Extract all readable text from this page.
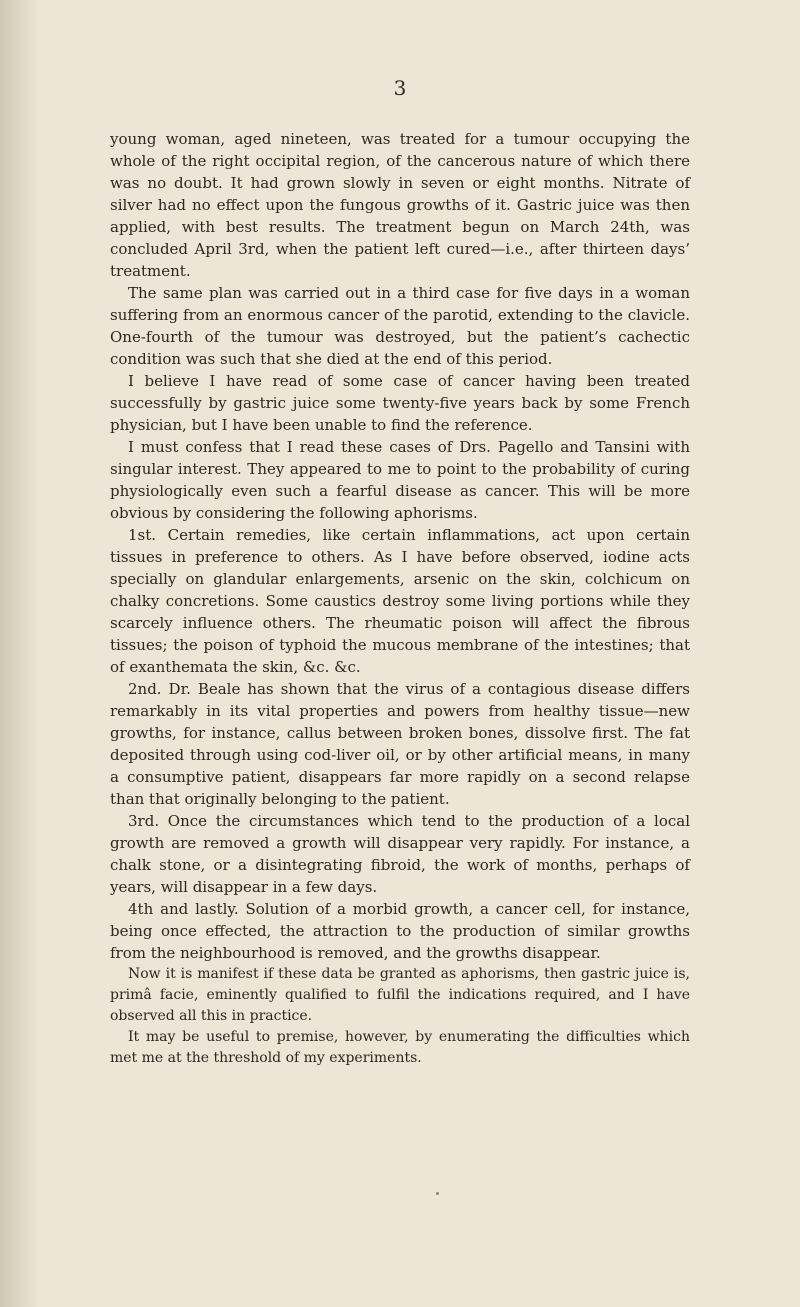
3

young woman, aged nineteen, was treated for a tumour occupying the whole of the right occipital region, of the cancerous nature of which there was no doubt. It had grown slowly in seven or eight months. Nitrate of silver had no effect upon the fungous growths of it. Gastric juice was then applied, with best results. The treatment begun on March 24th, was concluded April 3rd, when the patient left cured—i.e., after thirteen days’ treatment.

The same plan was carried out in a third case for five days in a woman suffering from an enormous cancer of the parotid, extending to the clavicle. One-fourth of the tumour was destroyed, but the patient’s cachectic condition was such that she died at the end of this period.

I believe I have read of some case of cancer having been treated successfully by gastric juice some twenty-five years back by some French physician, but I have been unable to find the reference.

I must confess that I read these cases of Drs. Pagello and Tansini with singular interest. They appeared to me to point to the probability of curing physiologically even such a fearful disease as cancer. This will be more obvious by considering the following aphorisms.

1st. Certain remedies, like certain inflammations, act upon certain tissues in preference to others. As I have before observed, iodine acts specially on glandular enlargements, arsenic on the skin, colchicum on chalky concretions. Some caustics destroy some living portions while they scarcely influence others. The rheumatic poison will affect the fibrous tissues; the poison of typhoid the mucous membrane of the intestines; that of exanthemata the skin, &c. &c.

2nd. Dr. Beale has shown that the virus of a contagious disease differs remarkably in its vital properties and powers from healthy tissue—new growths, for instance, callus between broken bones, dissolve first. The fat deposited through using cod-liver oil, or by other artificial means, in many a consumptive patient, disappears far more rapidly on a second relapse than that originally belonging to the patient.

3rd. Once the circumstances which tend to the production of a local growth are removed a growth will disappear very rapidly. For instance, a chalk stone, or a disintegrating fibroid, the work of months, perhaps of years, will disappear in a few days.

4th and lastly. Solution of a morbid growth, a cancer cell, for instance, being once effected, the attraction to the production of similar growths from the neighbourhood is removed, and the growths disappear.

Now it is manifest if these data be granted as aphorisms, then gastric juice is, primâ facie, eminently qualified to fulfil the indications required, and I have observed all this in practice.

It may be useful to premise, however, by enumerating the difficulties which met me at the threshold of my experiments.
